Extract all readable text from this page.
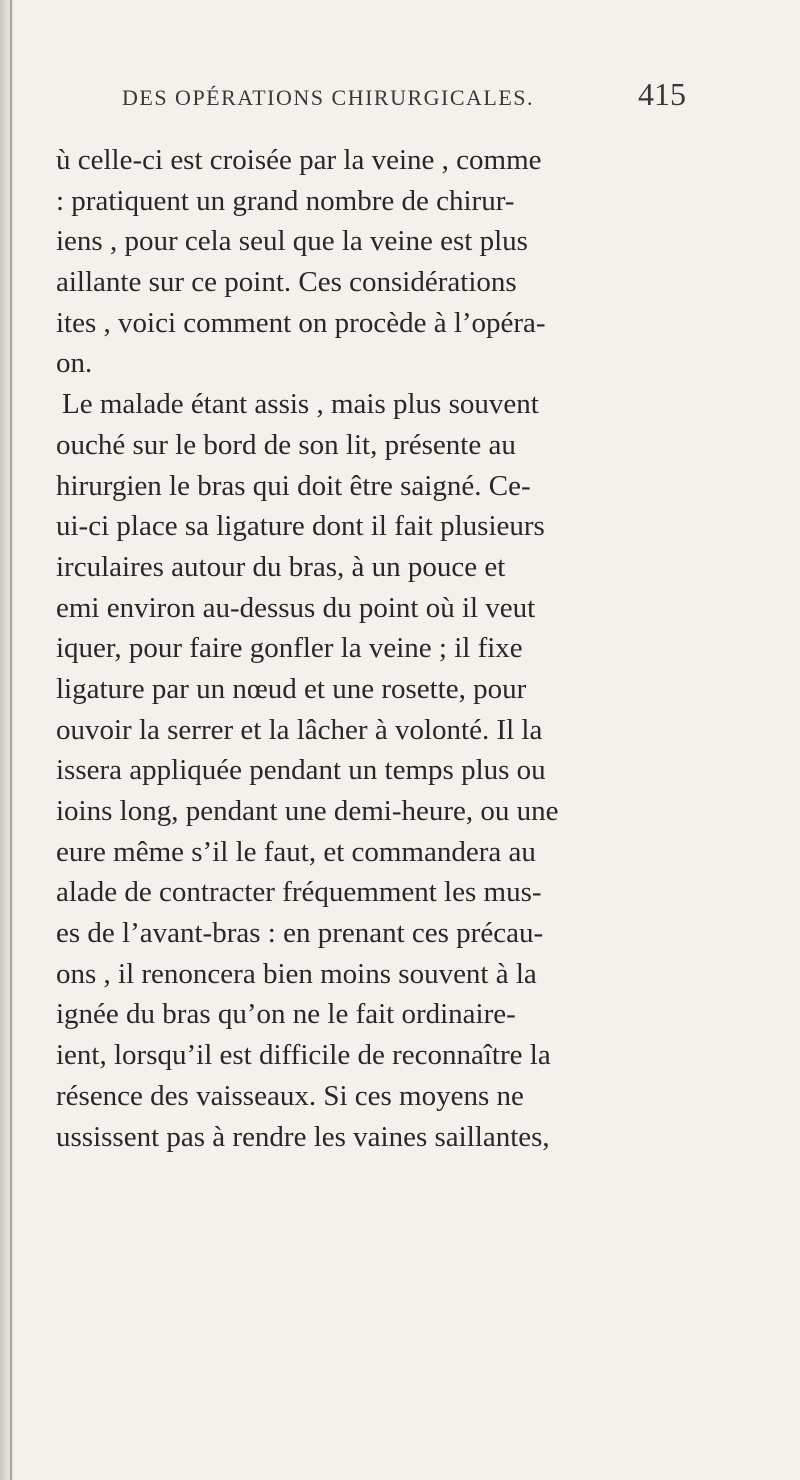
DES OPÉRATIONS CHIRURGICALES.	415
ù celle-ci est croisée par la veine , comme
: pratiquent un grand nombre de chirur-
iens , pour cela seul que la veine est plus
aillante sur ce point. Ces considérations
ites , voici comment on procède à l’opéra-
on.
Le malade étant assis , mais plus souvent
ouché sur le bord de son lit, présente au
hirurgien le bras qui doit être saigné. Ce-
ui-ci place sa ligature dont il fait plusieurs
irculaires autour du bras, à un pouce et
emi environ au-dessus du point où il veut
iquer, pour faire gonfler la veine ; il fixe
ligature par un nœud et une rosette, pour
ouvoir la serrer et la lâcher à volonté. Il la
issera appliquée pendant un temps plus ou
ioins long, pendant une demi-heure, ou une
eure même s’il le faut, et commandera au
alade de contracter fréquemment les mus-
es de l’avant-bras : en prenant ces précau-
ons , il renoncera bien moins souvent à la
ignée du bras qu’on ne le fait ordinaire-
ient, lorsqu’il est difficile de reconnaître la
résence des vaisseaux. Si ces moyens ne
ussissent pas à rendre les vaines saillantes,
